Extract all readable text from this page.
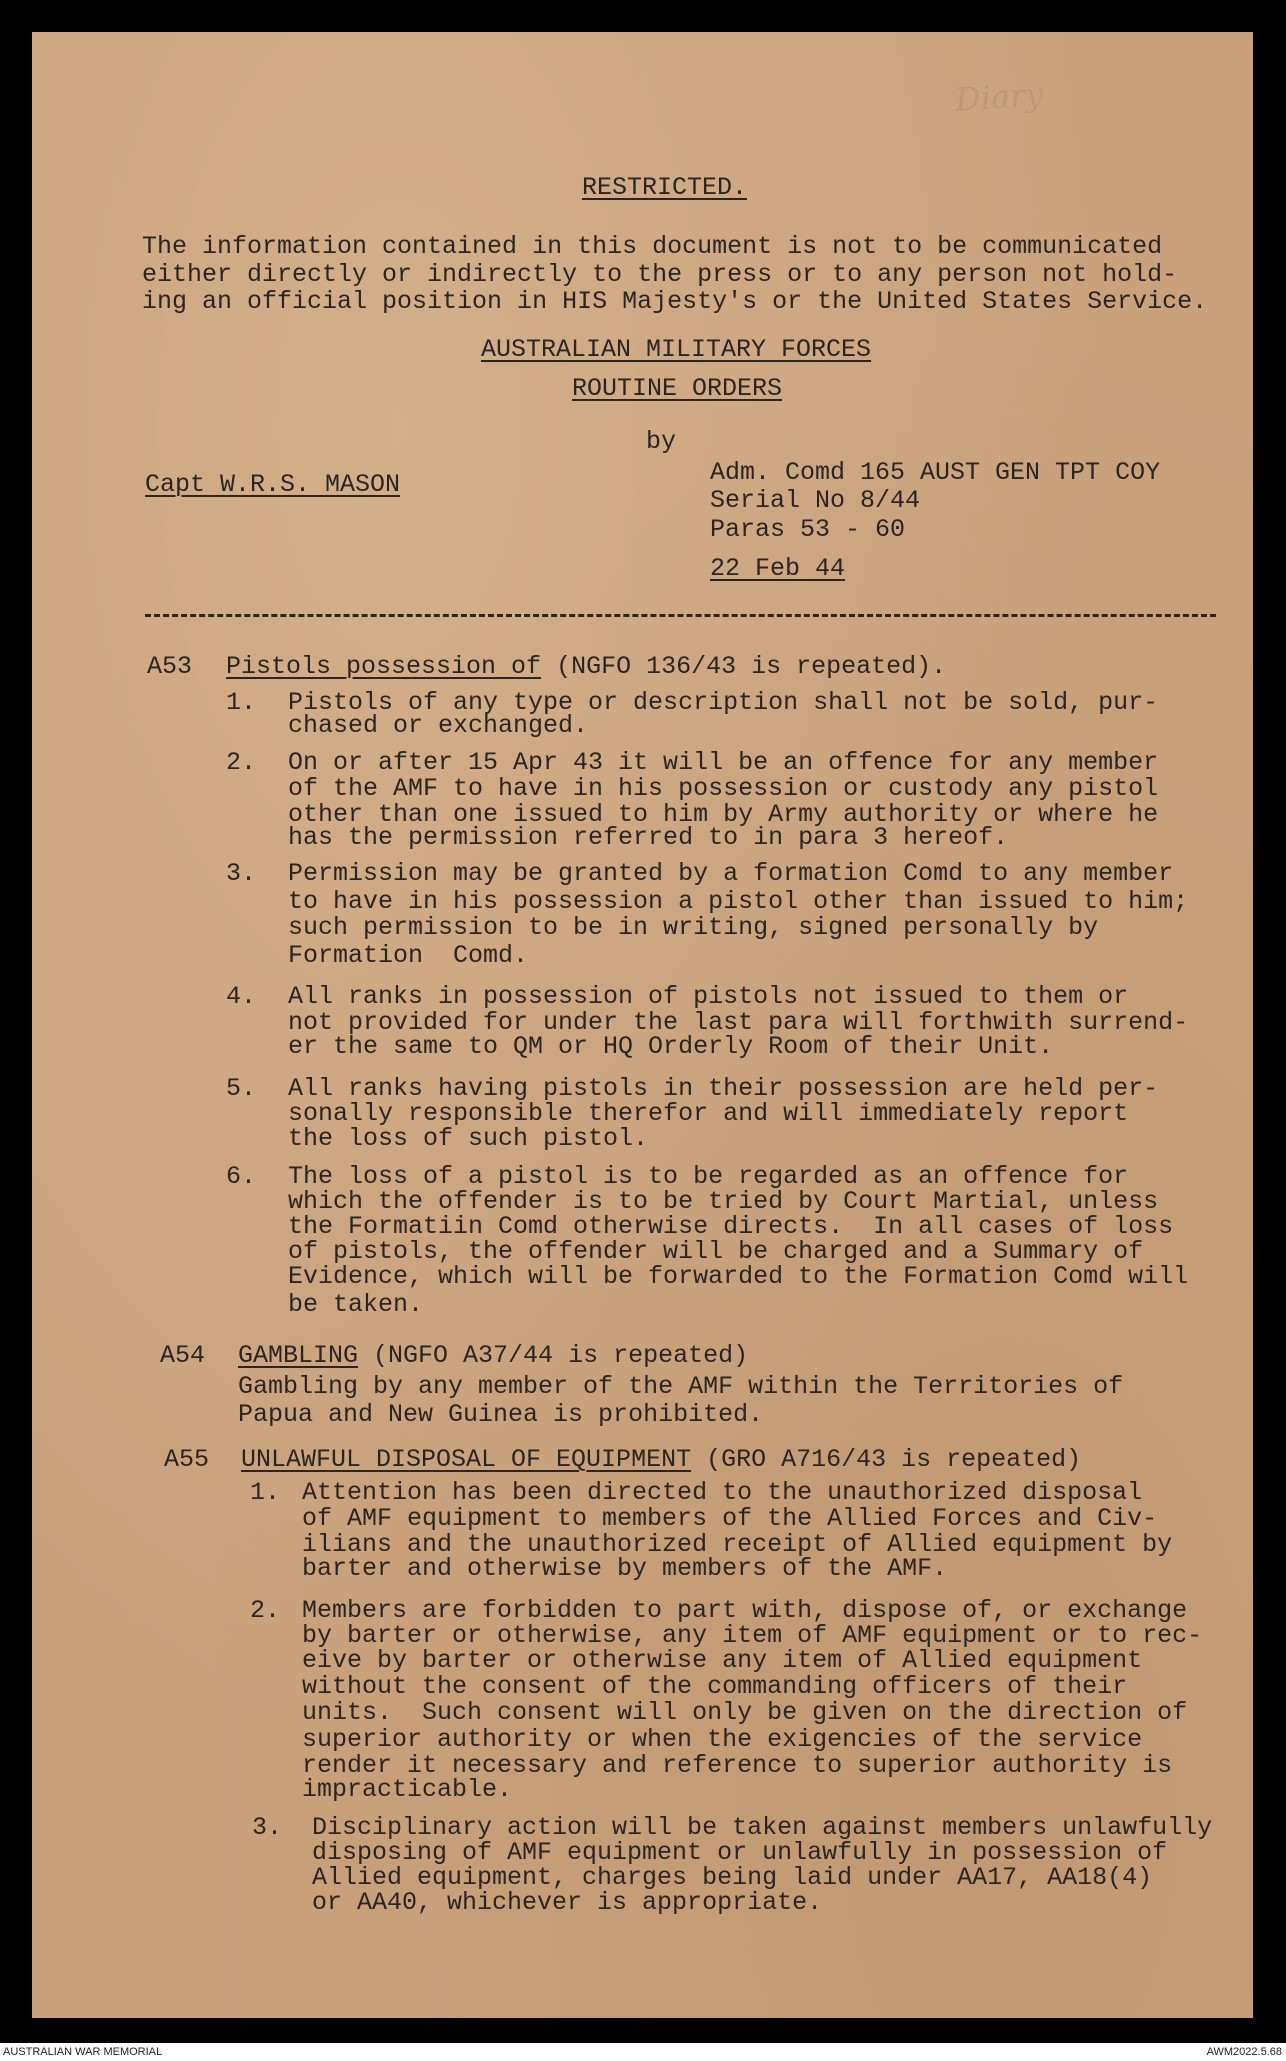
Diary
RESTRICTED.
The information contained in this document is not to be communicated
either directly or indirectly to the press or to any person not hold-
ing an official position in HIS Majesty's or the United States Service.
AUSTRALIAN MILITARY FORCES
ROUTINE ORDERS
by
Capt W.R.S. MASON	Adm. Comd 165 AUST GEN TPT COY
Serial No 8/44
Paras 53 - 60
22 Feb 44
A53 Pistols possession of (NGFO 136/43 is repeated).
1. Pistols of any type or description shall not be sold, pur-
chased or exchanged.
2. On or after 15 Apr 43 it will be an offence for any member
of the AMF to have in his possession or custody any pistol
other than one issued to him by Army authority or where he
has the permission referred to in para 3 hereof.
3. Permission may be granted by a formation Comd to any member
to have in his possession a pistol other than issued to him;
such permission to be in writing, signed personally by
Formation  Comd.
4. All ranks in possession of pistols not issued to them or
not provided for under the last para will forthwith surrend-
er the same to QM or HQ Orderly Room of their Unit.
5. All ranks having pistols in their possession are held per-
sonally responsible therefor and will immediately report
the loss of such pistol.
6. The loss of a pistol is to be regarded as an offence for
which the offender is to be tried by Court Martial, unless
the Formatiin Comd otherwise directs.  In all cases of loss
of pistols, the offender will be charged and a Summary of
Evidence, which will be forwarded to the Formation Comd will
be taken.
A54 GAMBLING (NGFO A37/44 is repeated)
Gambling by any member of the AMF within the Territories of
Papua and New Guinea is prohibited.
A55 UNLAWFUL DISPOSAL OF EQUIPMENT (GRO A716/43 is repeated)
1. Attention has been directed to the unauthorized disposal
of AMF equipment to members of the Allied Forces and Civ-
ilians and the unauthorized receipt of Allied equipment by
barter and otherwise by members of the AMF.
2. Members are forbidden to part with, dispose of, or exchange
by barter or otherwise, any item of AMF equipment or to rec-
eive by barter or otherwise any item of Allied equipment
without the consent of the commanding officers of their
units.  Such consent will only be given on the direction of
superior authority or when the exigencies of the service
render it necessary and reference to superior authority is
impracticable.
3. Disciplinary action will be taken against members unlawfully
disposing of AMF equipment or unlawfully in possession of
Allied equipment, charges being laid under AA17, AA18(4)
or AA40, whichever is appropriate.
AUSTRALIAN WAR MEMORIAL	AWM2022.5.68
